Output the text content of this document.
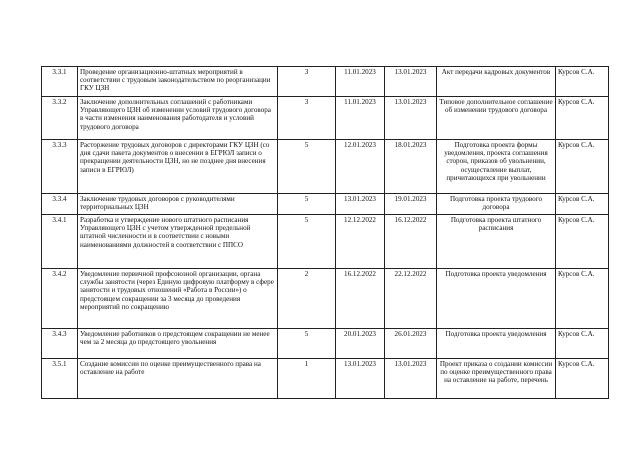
3.3.1	Проведение организационно-штатных мероприятий в соответствии с трудовым законодательством по реорганизации ГКУ ЦЗН	3	11.01.2023	13.01.2023	Акт передачи кадровых документов	Курсов С.А.
3.3.2	Заключение дополнительных соглашений с работниками Управляющего ЦЗН об изменении условий трудового договора в части изменения наименования работодателя и условий трудового договора	3	11.01.2023	13.01.2023	Типовое дополнительное соглашение об изменении трудового договора	Курсов С.А.
3.3.3	Расторжение трудовых договоров с директорами ГКУ ЦЗН (со дня сдачи пакета документов о внесении в ЕГРЮЛ записи о прекращении деятельности ЦЗН, но не позднее дня внесения записи в ЕГРЮЛ)	5	12.01.2023	18.01.2023	Подготовка проекта формы уведомления, проекта соглашения сторон, приказов об увольнении, осуществление выплат, причитающихся при увольнении	Курсов С.А.
3.3.4	Заключение трудовых договоров с руководителями территориальных ЦЗН	5	13.01.2023	19.01.2023	Подготовка проекта трудового договора	Курсов С.А.
3.4.1	Разработка и утверждение нового штатного расписания Управляющего ЦЗН с учетом утвержденной предельной штатной численности и в соответствии с новыми наименованиями должностей в соответствии с ППСО	5	12.12.2022	16.12.2022	Подготовка проекта штатного расписания	Курсов С.А.
3.4.2	Уведомление первичной профсоюзной организации, органа службы занятости (через Единую цифровую платформу в сфере занятости и трудовых отношений «Работа в России») о предстоящем сокращении за 3 месяца до проведения мероприятий по сокращению	2	16.12.2022	22.12.2022	Подготовка проекта уведомления	Курсов С.А.
3.4.3	Уведомление работников о предстоящем сокращении не менее чем за 2 месяца до предстоящего увольнения	5	20.01.2023	26.01.2023	Подготовка проекта уведомления	Курсов С.А.
3.5.1	Создание комиссии по оценке преимущественного права на оставление на работе	1	13.01.2023	13.01.2023	Проект приказа о создании комиссии по оценке преимущественного права на оставление на работе, перечень	Курсов С.А.
